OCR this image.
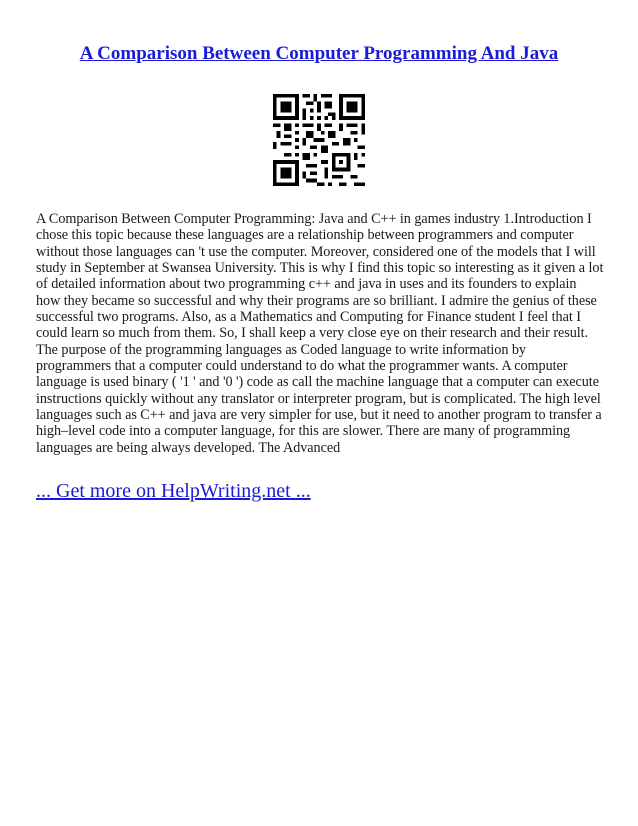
A Comparison Between Computer Programming And Java

A Comparison Between Computer Programming: Java and C++ in games industry 1.Introduction I chose this topic because these languages are a relationship between programmers and computer without those languages can 't use the computer. Moreover, considered one of the models that I will study in September at Swansea University. This is why I find this topic so interesting as it given a lot of detailed information about two programming c++ and java in uses and its founders to explain how they became so successful and why their programs are so brilliant. I admire the genius of these successful two programs. Also, as a Mathematics and Computing for Finance student I feel that I could learn so much from them. So, I shall keep a very close eye on their research and their result. The purpose of the programming languages as Coded language to write information by programmers that a computer could understand to do what the programmer wants. A computer language is used binary ( '1 ' and '0 ') code as call the machine language that a computer can execute instructions quickly without any translator or interpreter program, but is complicated. The high level languages such as C++ and java are very simpler for use, but it need to another program to transfer a high–level code into a computer language, for this are slower. There are many of programming languages are being always developed. The Advanced

... Get more on HelpWriting.net ...
